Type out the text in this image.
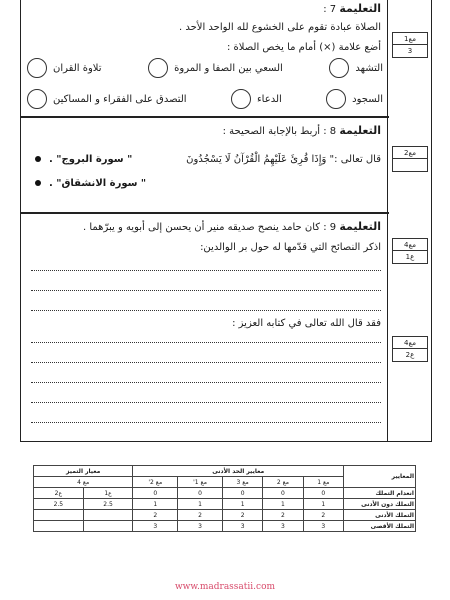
مع1
3
مع2
مع4
ع1
مع4
ع2
التعليمة 7 :
الصلاة عبادة تقوم على الخشوع لله الواحد الأحد .
أضع علامة (×) أمام ما يخص الصلاة :
التشهد
السعي بين الصفا و المروة
تلاوة القران
السجود
الدعاء
التصدق على الفقراء و المساكين
التعليمة 8 : أربط بالإجابة الصحيحة :
قال تعالى :" وَإِذَا قُرِئَ عَلَيْهِمُ الْقُرْآنُ لَا يَسْجُدُونَ
" سورة البروج" .
" سورة الانشقاق" .
التعليمة 9 : كان حامد ينصح صديقه منير أن يحسن إلى أبويه و يبرّهما .
اذكر النصائح التي قدّمها له حول بر الوالدين:
فقد قال الله تعالى في كتابه العزيز :
المعايير	معايير الحد الأدنى					معيار التميز	
	مع 1	مع 2	مع 3	مع 1'	مع 2'	مع 4	
انعدام التملك	0	0	0	0	0	ع1	ع2
التملك دون الأدنى	1	1	1	1	1	2.5	2.5
التملك الأدنى	2	2	2	2	2		
التملك الأقصى	3	3	3	3	3		
www.madrassatii.com
